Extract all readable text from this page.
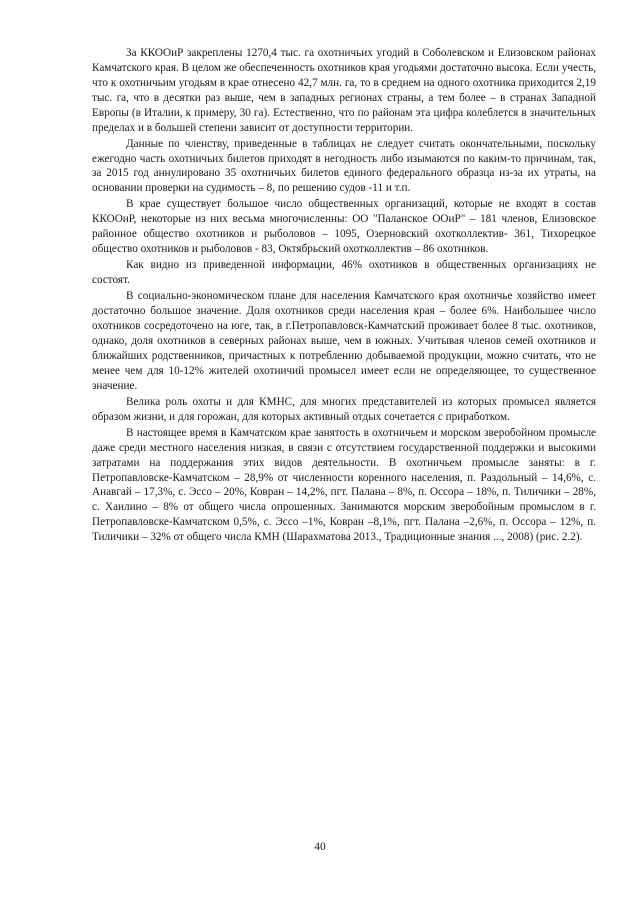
За ККООиР закреплены 1270,4 тыс. га охотничьих угодий в Соболевском и Елизовском районах Камчатского края. В целом же обеспеченность охотников края угодьями достаточно высока. Если учесть, что к охотничьим угодьям в крае отнесено 42,7 млн. га, то в среднем на одного охотника приходится 2,19 тыс. га, что в десятки раз выше, чем в западных регионах страны, а тем более – в странах Западной Европы (в Италии, к примеру, 30 га). Естественно, что по районам эта цифра колеблется в значительных пределах и в большей степени зависит от доступности территории.

Данные по членству, приведенные в таблицах не следует считать окончательными, поскольку ежегодно часть охотничьих билетов приходят в негодность либо изымаются по каким-то причинам, так, за 2015 год аннулировано 35 охотничьих билетов единого федерального образца из-за их утраты, на основании проверки на судимость – 8, по решению судов -11 и т.п.

В крае существует большое число общественных организаций, которые не входят в состав ККООиР, некоторые из них весьма многочисленны: ОО "Паланское ООиР" – 181 членов, Елизовское районное общество охотников и рыболовов – 1095, Озерновский охотколлектив- 361, Тихорецкое общество охотников и рыболовов - 83, Октябрьский охотколлектив – 86 охотников.

Как видно из приведенной информации, 46% охотников в общественных организациях не состоят.

В социально-экономическом плане для населения Камчатского края охотничье хозяйство имеет достаточно большое значение. Доля охотников среди населения края – более 6%. Наибольшее число охотников сосредоточено на юге, так, в г.Петропавловск-Камчатский проживает более 8 тыс. охотников, однако, доля охотников в северных районах выше, чем в южных. Учитывая членов семей охотников и ближайших родственников, причастных к потреблению добываемой продукции, можно считать, что не менее чем для 10-12% жителей охотничий промысел имеет если не определяющее, то существенное значение.

Велика роль охоты и для КМНС, для многих представителей из которых промысел является образом жизни, и для горожан, для которых активный отдых сочетается с приработком.

В настоящее время в Камчатском крае занятость в охотничьем и морском зверобойном промысле даже среди местного населения низкая, в связи с отсутствием государственной поддержки и высокими затратами на поддержания этих видов деятельности. В охотничьем промысле заняты: в г. Петропавловске-Камчатском – 28,9% от численности коренного населения, п. Раздольный – 14,6%, с. Анавгай – 17,3%, с. Эссо – 20%, Ковран – 14,2%, пгт. Палана – 8%, п. Оссора – 18%, п. Тиличики – 28%, с. Хаилино – 8% от общего числа опрошенных. Занимаются морским зверобойным промыслом в г. Петропавловске-Камчатском 0,5%, с. Эссо –1%, Ковран –8,1%, пгт. Палана –2,6%, п. Оссора – 12%, п. Тиличики – 32% от общего числа КМН (Шарахматова 2013., Традиционные знания ..., 2008) (рис. 2.2).

40
